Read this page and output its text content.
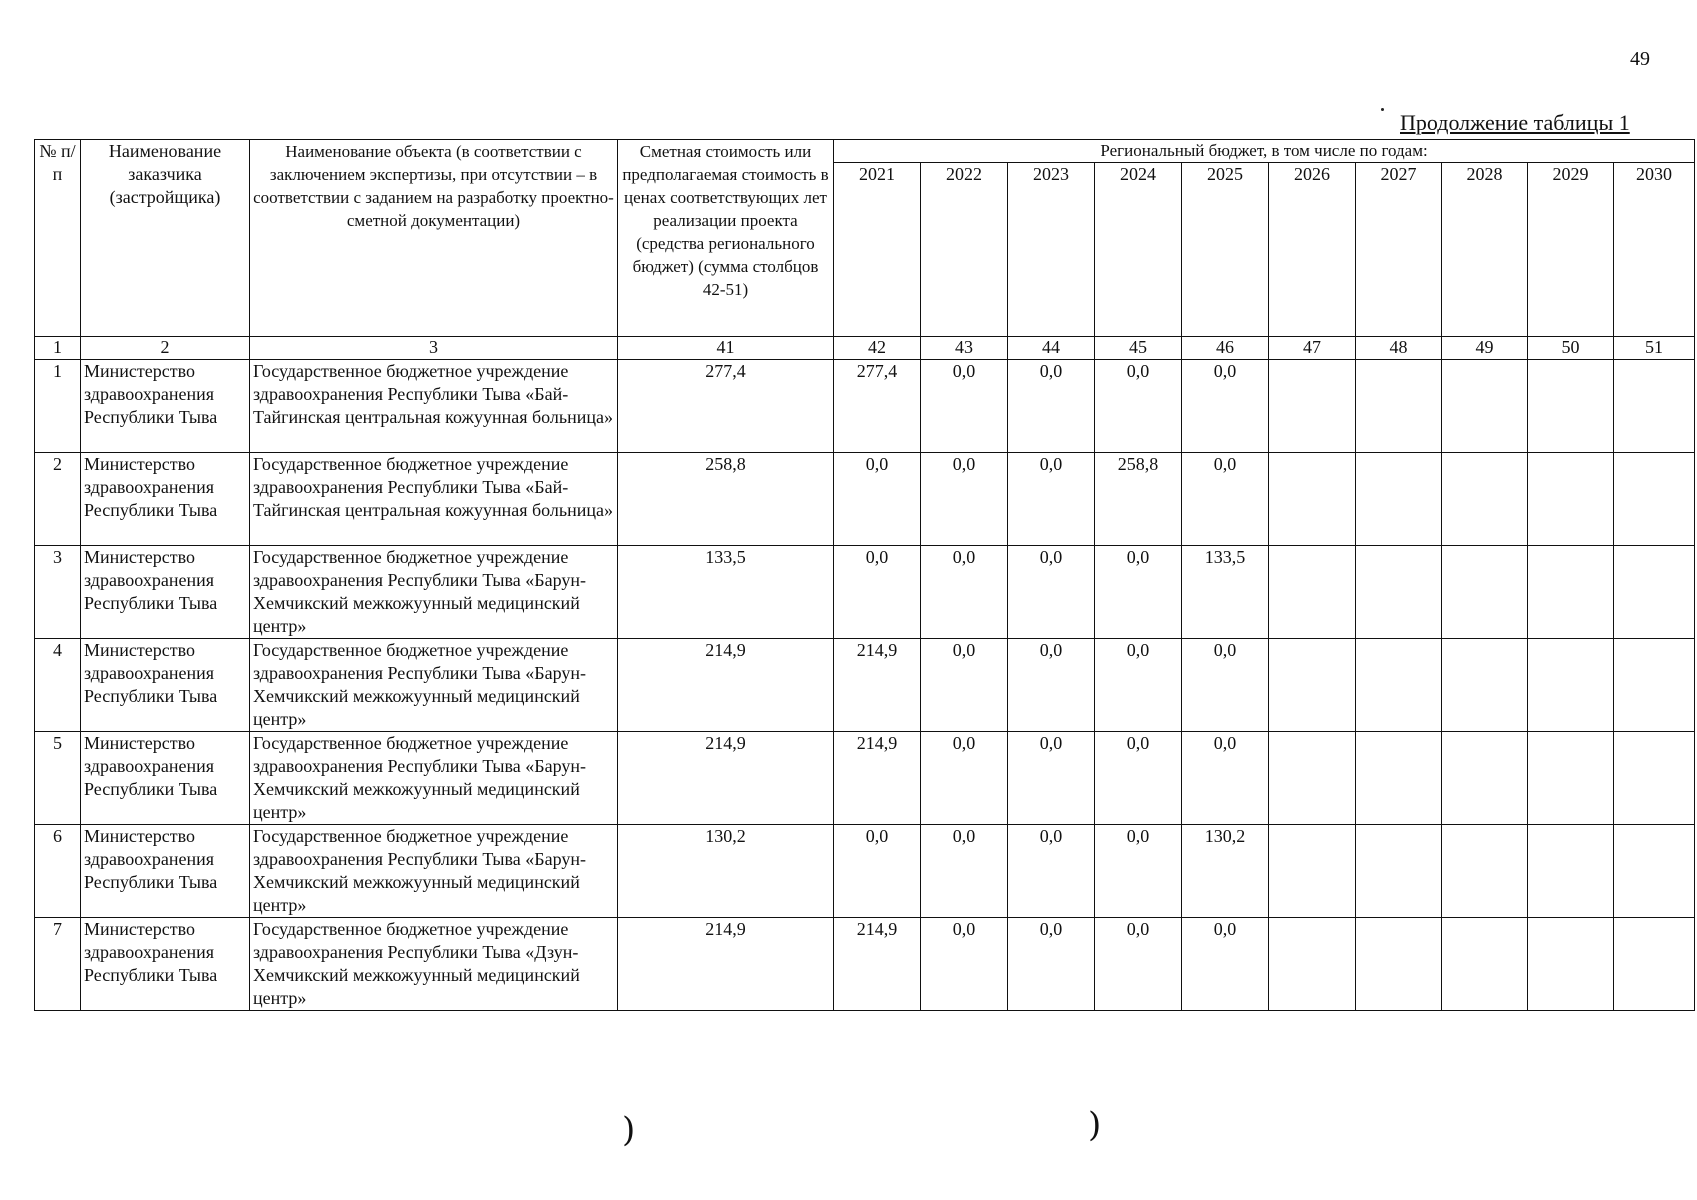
49
Продолжение таблицы 1
№ п/п	Наименование заказчика (застройщика)	Наименование объекта (в соответствии с заключением экспертизы, при отсутствии – в соответствии с заданием на разработку проектно-сметной документации)	Сметная стоимость или предполагаемая стоимость в ценах соответствующих лет реализации проекта (средства регионального бюджет) (сумма столбцов 42-51)	Региональный бюджет, в том числе по годам:									
				2021	2022	2023	2024	2025	2026	2027	2028	2029	2030
1	2	3	41	42	43	44	45	46	47	48	49	50	51
1	Министерство здравоохранения Республики Тыва	Государственное бюджетное учреждение здравоохранения Республики Тыва «Бай-Тайгинская центральная кожуунная больница»	277,4	277,4	0,0	0,0	0,0	0,0					
2	Министерство здравоохранения Республики Тыва	Государственное бюджетное учреждение здравоохранения Республики Тыва «Бай-Тайгинская центральная кожуунная больница»	258,8	0,0	0,0	0,0	258,8	0,0					
3	Министерство здравоохранения Республики Тыва	Государственное бюджетное учреждение здравоохранения Республики Тыва «Барун-Хемчикский межкожуунный медицинский центр»	133,5	0,0	0,0	0,0	0,0	133,5					
4	Министерство здравоохранения Республики Тыва	Государственное бюджетное учреждение здравоохранения Республики Тыва «Барун-Хемчикский межкожуунный медицинский центр»	214,9	214,9	0,0	0,0	0,0	0,0					
5	Министерство здравоохранения Республики Тыва	Государственное бюджетное учреждение здравоохранения Республики Тыва «Барун-Хемчикский межкожуунный медицинский центр»	214,9	214,9	0,0	0,0	0,0	0,0					
6	Министерство здравоохранения Республики Тыва	Государственное бюджетное учреждение здравоохранения Республики Тыва «Барун-Хемчикский межкожуунный медицинский центр»	130,2	0,0	0,0	0,0	0,0	130,2					
7	Министерство здравоохранения Республики Тыва	Государственное бюджетное учреждение здравоохранения Республики Тыва «Дзун-Хемчикский межкожуунный медицинский центр»	214,9	214,9	0,0	0,0	0,0	0,0					
)	)
